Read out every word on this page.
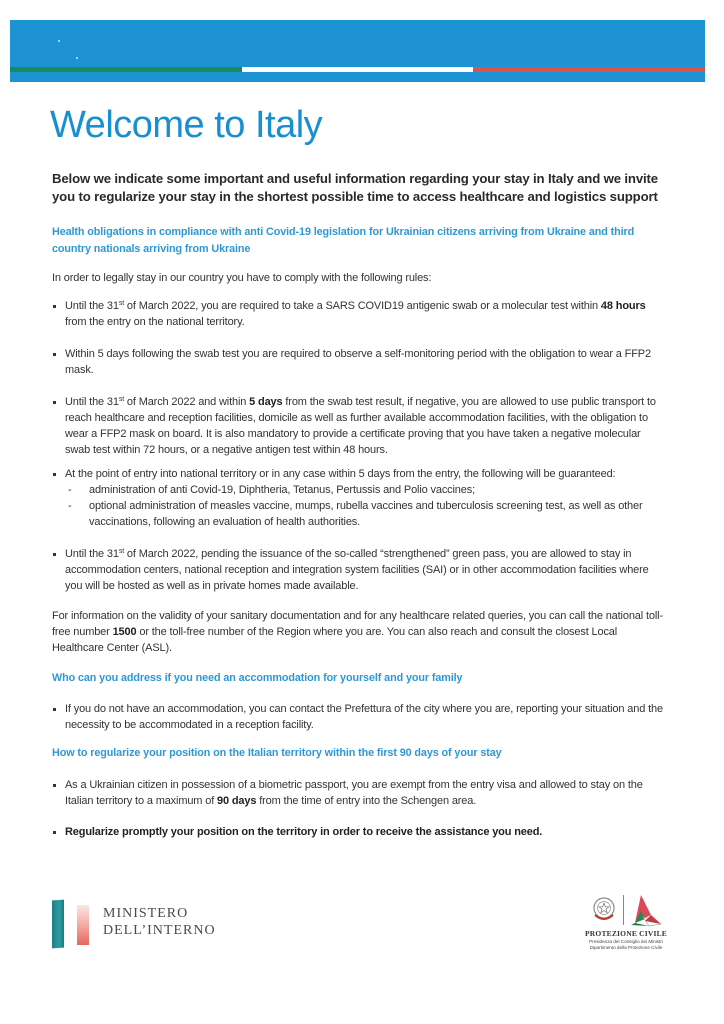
Welcome to Italy

Below we indicate some important and useful information regarding your stay in Italy and we invite you to regularize your stay in the shortest possible time to access healthcare and logistics support

Health obligations in compliance with anti Covid-19 legislation for Ukrainian citizens arriving from Ukraine and third country nationals arriving from Ukraine

In order to legally stay in our country you have to comply with the following rules:

Until the 31st of March 2022, you are required to take a SARS COVID19 antigenic swab or a molecular test within 48 hours from the entry on the national territory.
Within 5 days following the swab test you are required to observe a self-monitoring period with the obligation to wear a FFP2 mask.
Until the 31st of March 2022 and within 5 days from the swab test result, if negative, you are allowed to use public transport to reach healthcare and reception facilities, domicile as well as further available accommodation facilities, with the obligation to wear a FFP2 mask on board. It is also mandatory to provide a certificate proving that you have taken a negative molecular swab test within 72 hours, or a negative antigen test within 48 hours.
At the point of entry into national territory or in any case within 5 days from the entry, the following will be guaranteed:
- administration of anti Covid-19, Diphtheria, Tetanus, Pertussis and Polio vaccines;
- optional administration of measles vaccine, mumps, rubella vaccines and tuberculosis screening test, as well as other vaccinations, following an evaluation of health authorities.
Until the 31st of March 2022, pending the issuance of the so-called “strengthened” green pass, you are allowed to stay in accommodation centers, national reception and integration system facilities (SAI) or in other accommodation facilities where you will be hosted as well as in private homes made available.

For information on the validity of your sanitary documentation and for any healthcare related queries, you can call the national toll-free number 1500 or the toll-free number of the Region where you are. You can also reach and consult the closest Local Healthcare Center (ASL).

Who can you address if you need an accommodation for yourself and your family

If you do not have an accommodation, you can contact the Prefettura of the city where you are, reporting your situation and the necessity to be accommodated in a reception facility.

How to regularize your position on the Italian territory within the first 90 days of your stay

As a Ukrainian citizen in possession of a biometric passport, you are exempt from the entry visa and allowed to stay on the Italian territory to a maximum of 90 days from the time of entry into the Schengen area.
Regularize promptly your position on the territory in order to receive the assistance you need.
MINISTERO
DELL’INTERNO	PROTEZIONE CIVILE
Presidenza del Consiglio dei Ministri
Dipartimento della Protezione Civile
